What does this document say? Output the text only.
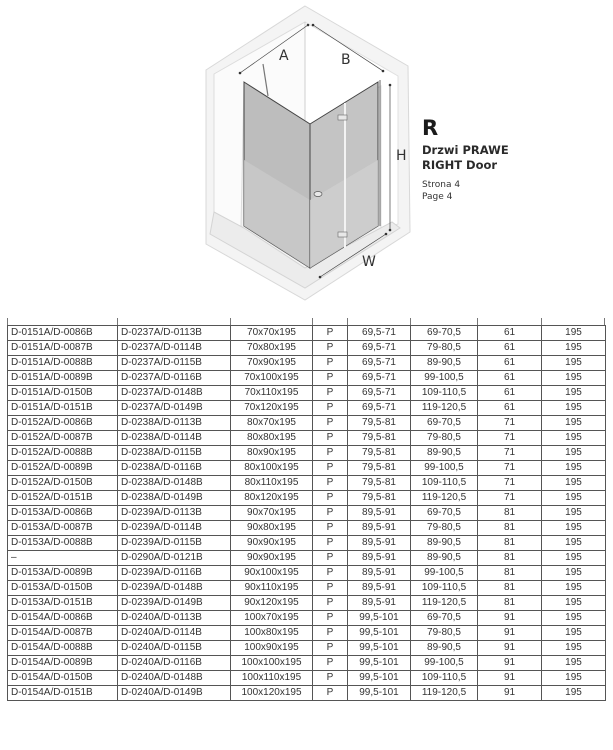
A	B
H
W
R
Drzwi PRAWE
RIGHT Door
Strona 4
Page 4
D-0151A/D-0086B	D-0237A/D-0113B	70x70x195	P	69,5-71	69-70,5	61	195
D-0151A/D-0087B	D-0237A/D-0114B	70x80x195	P	69,5-71	79-80,5	61	195
D-0151A/D-0088B	D-0237A/D-0115B	70x90x195	P	69,5-71	89-90,5	61	195
D-0151A/D-0089B	D-0237A/D-0116B	70x100x195	P	69,5-71	99-100,5	61	195
D-0151A/D-0150B	D-0237A/D-0148B	70x110x195	P	69,5-71	109-110,5	61	195
D-0151A/D-0151B	D-0237A/D-0149B	70x120x195	P	69,5-71	119-120,5	61	195
D-0152A/D-0086B	D-0238A/D-0113B	80x70x195	P	79,5-81	69-70,5	71	195
D-0152A/D-0087B	D-0238A/D-0114B	80x80x195	P	79,5-81	79-80,5	71	195
D-0152A/D-0088B	D-0238A/D-0115B	80x90x195	P	79,5-81	89-90,5	71	195
D-0152A/D-0089B	D-0238A/D-0116B	80x100x195	P	79,5-81	99-100,5	71	195
D-0152A/D-0150B	D-0238A/D-0148B	80x110x195	P	79,5-81	109-110,5	71	195
D-0152A/D-0151B	D-0238A/D-0149B	80x120x195	P	79,5-81	119-120,5	71	195
D-0153A/D-0086B	D-0239A/D-0113B	90x70x195	P	89,5-91	69-70,5	81	195
D-0153A/D-0087B	D-0239A/D-0114B	90x80x195	P	89,5-91	79-80,5	81	195
D-0153A/D-0088B	D-0239A/D-0115B	90x90x195	P	89,5-91	89-90,5	81	195
–	D-0290A/D-0121B	90x90x195	P	89,5-91	89-90,5	81	195
D-0153A/D-0089B	D-0239A/D-0116B	90x100x195	P	89,5-91	99-100,5	81	195
D-0153A/D-0150B	D-0239A/D-0148B	90x110x195	P	89,5-91	109-110,5	81	195
D-0153A/D-0151B	D-0239A/D-0149B	90x120x195	P	89,5-91	119-120,5	81	195
D-0154A/D-0086B	D-0240A/D-0113B	100x70x195	P	99,5-101	69-70,5	91	195
D-0154A/D-0087B	D-0240A/D-0114B	100x80x195	P	99,5-101	79-80,5	91	195
D-0154A/D-0088B	D-0240A/D-0115B	100x90x195	P	99,5-101	89-90,5	91	195
D-0154A/D-0089B	D-0240A/D-0116B	100x100x195	P	99,5-101	99-100,5	91	195
D-0154A/D-0150B	D-0240A/D-0148B	100x110x195	P	99,5-101	109-110,5	91	195
D-0154A/D-0151B	D-0240A/D-0149B	100x120x195	P	99,5-101	119-120,5	91	195
